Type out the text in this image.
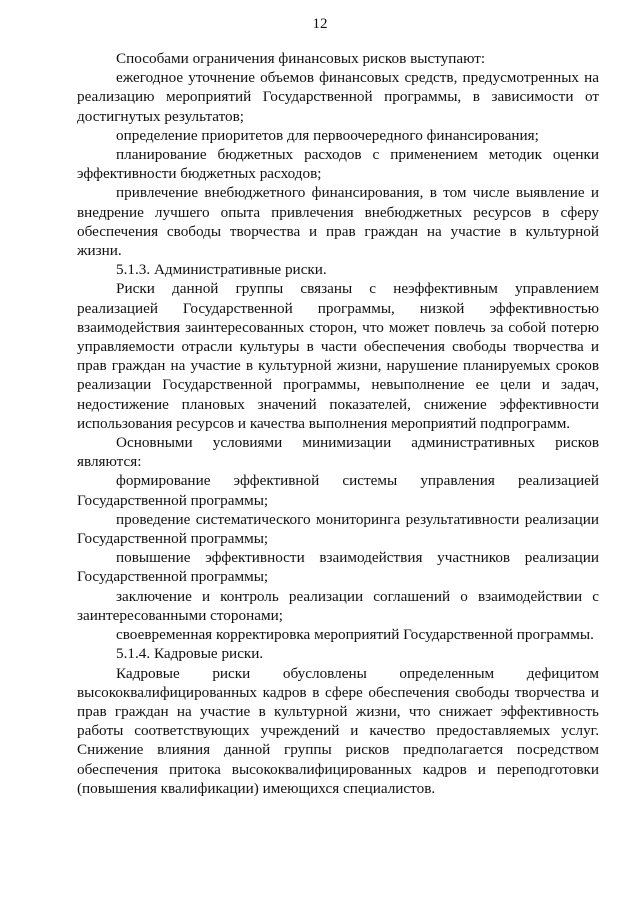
12

Способами ограничения финансовых рисков выступают:

ежегодное уточнение объемов финансовых средств, предусмотренных на реализацию мероприятий Государственной программы, в зависимости от достигнутых результатов;

определение приоритетов для первоочередного финансирования;

планирование бюджетных расходов с применением методик оценки эффективности бюджетных расходов;

привлечение внебюджетного финансирования, в том числе выявление и внедрение лучшего опыта привлечения внебюджетных ресурсов в сферу обеспечения свободы творчества и прав граждан на участие в культурной жизни.

5.1.3. Административные риски.

Риски данной группы связаны с неэффективным управлением реализацией Государственной программы, низкой эффективностью взаимодействия заинтересованных сторон, что может повлечь за собой потерю управляемости отрасли культуры в части обеспечения свободы творчества и прав граждан на участие в культурной жизни, нарушение планируемых сроков реализации Государственной программы, невыполнение ее цели и задач, недостижение плановых значений показателей, снижение эффективности использования ресурсов и качества выполнения мероприятий подпрограмм.

Основными условиями минимизации административных рисков являются:

формирование эффективной системы управления реализацией Государственной программы;

проведение систематического мониторинга результативности реализации Государственной программы;

повышение эффективности взаимодействия участников реализации Государственной программы;

заключение и контроль реализации соглашений о взаимодействии с заинтересованными сторонами;

своевременная корректировка мероприятий Государственной программы.

5.1.4. Кадровые риски.

Кадровые риски обусловлены определенным дефицитом высококвалифицированных кадров в сфере обеспечения свободы творчества и прав граждан на участие в культурной жизни, что снижает эффективность работы соответствующих учреждений и качество предоставляемых услуг. Снижение влияния данной группы рисков предполагается посредством обеспечения притока высококвалифицированных кадров и переподготовки (повышения квалификации) имеющихся специалистов.
